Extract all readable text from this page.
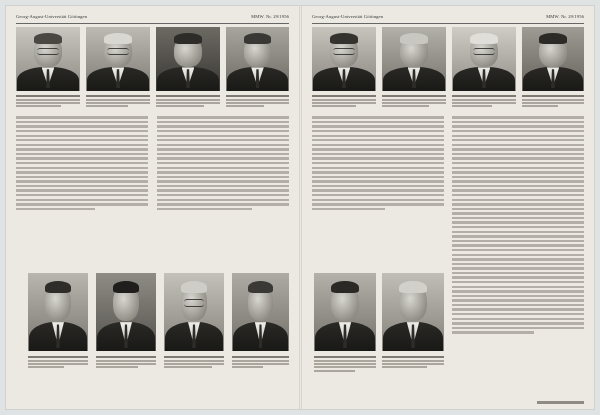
Georg-August-Universität Göttingen	MMW. Nr. 29/1956	Georg-August-Universität Göttingen	MMW. Nr. 29/1956
